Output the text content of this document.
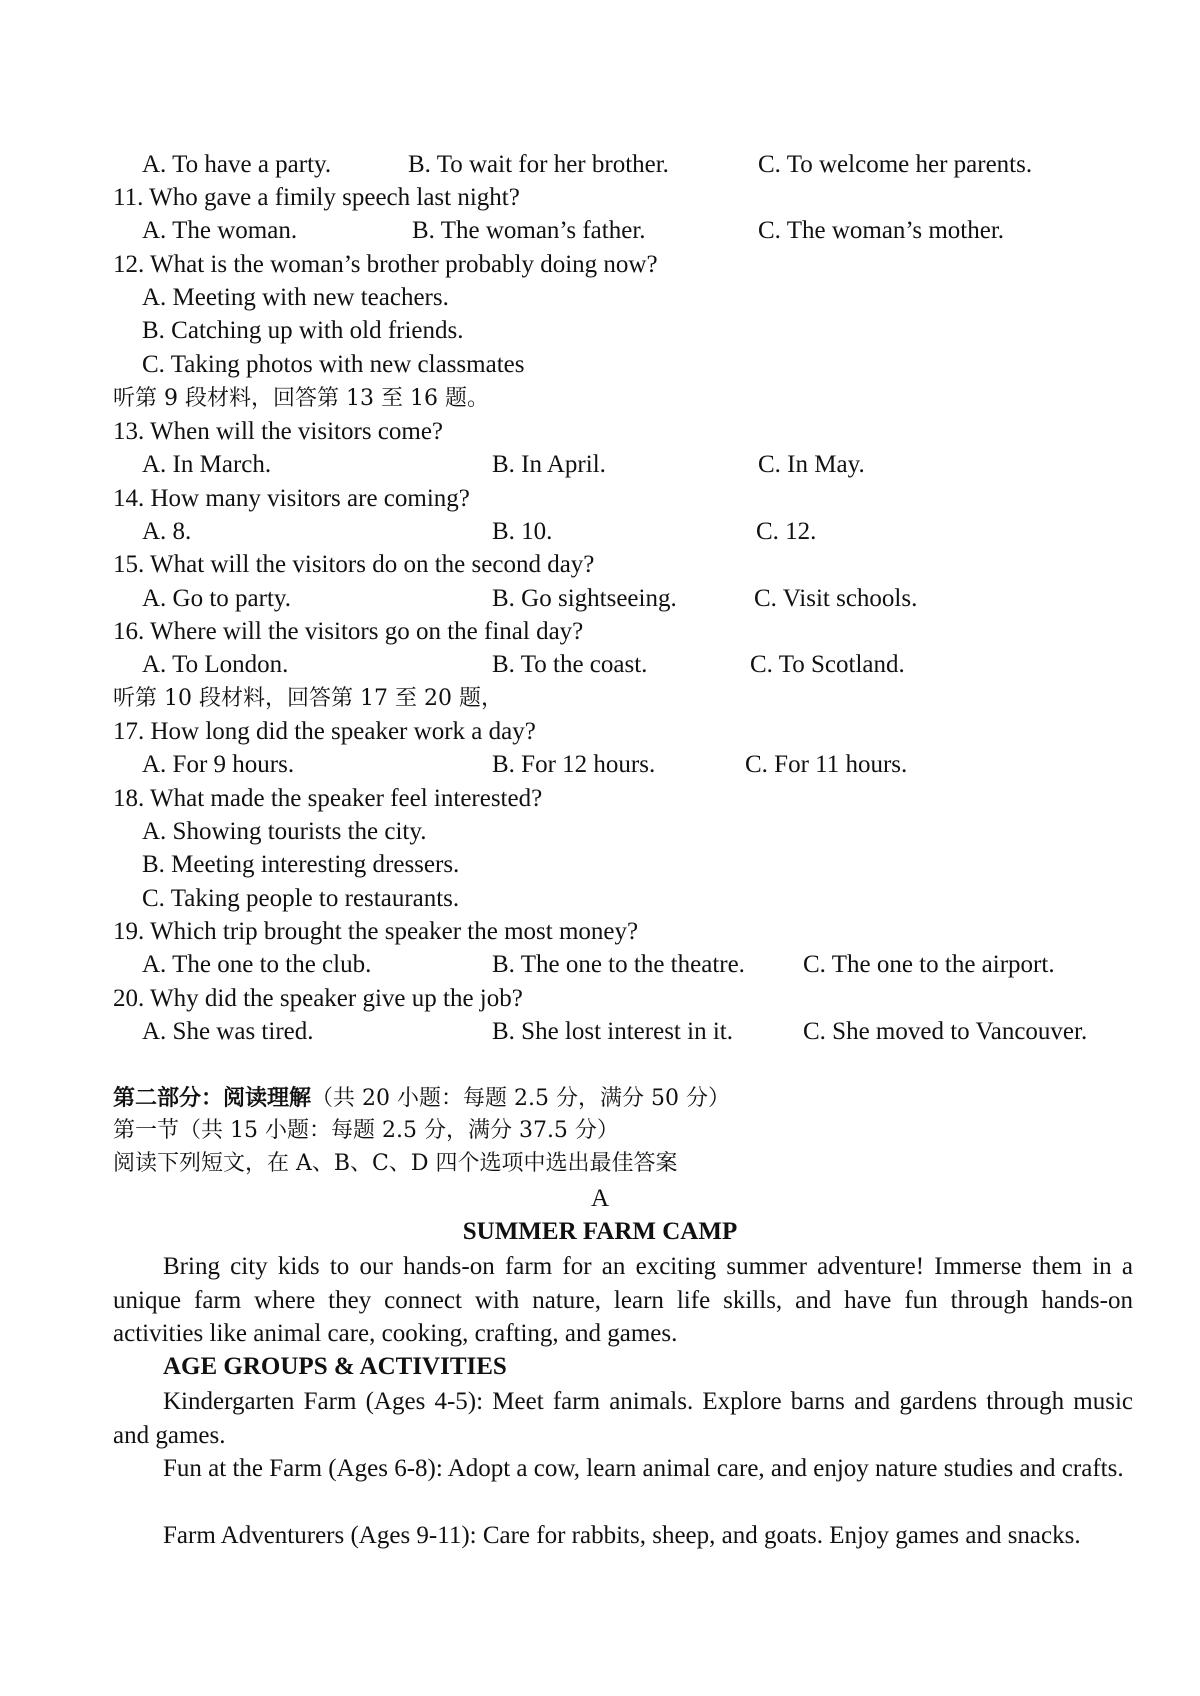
A. To have a party.	B. To wait for her brother.	C. To welcome her parents.
11. Who gave a fimily speech last night?
A. The woman.	B. The woman’s father.	C. The woman’s mother.
12. What is the woman’s brother probably doing now?
A. Meeting with new teachers.
B. Catching up with old friends.
C. Taking photos with new classmates
听第 9 段材料，回答第 13 至 16 题。
13. When will the visitors come?
A. In March.	B. In April.	C. In May.
14. How many visitors are coming?
A. 8.	B. 10.	C. 12.
15. What will the visitors do on the second day?
A. Go to party.	B. Go sightseeing.	C. Visit schools.
16. Where will the visitors go on the final day?
A. To London.	B. To the coast.	C. To Scotland.
听第 10 段材料，回答第 17 至 20 题，
17. How long did the speaker work a day?
A. For 9 hours.	B. For 12 hours.	C. For 11 hours.
18. What made the speaker feel interested?
A. Showing tourists the city.
B. Meeting interesting dressers.
C. Taking people to restaurants.
19. Which trip brought the speaker the most money?
A. The one to the club.	B. The one to the theatre. C. The one to the airport.
20. Why did the speaker give up the job?
A. She was tired.	B. She lost interest in it.	C. She moved to Vancouver.
第二部分：阅读理解（共 20 小题：每题 2.5 分，满分 50 分）
第一节（共 15 小题：每题 2.5 分，满分 37.5 分）
阅读下列短文，在 A、B、C、D 四个选项中选出最佳答案
A
SUMMER FARM CAMP

Bring city kids to our hands-on farm for an exciting summer adventure! Immerse them in a unique farm where they connect with nature, learn life skills, and have fun through hands-on activities like animal care, cooking, crafting, and games.

AGE GROUPS & ACTIVITIES

Kindergarten Farm (Ages 4-5): Meet farm animals. Explore barns and gardens through music and games.

Fun at the Farm (Ages 6-8): Adopt a cow, learn animal care, and enjoy nature studies and crafts.

Farm Adventurers (Ages 9-11): Care for rabbits, sheep, and goats. Enjoy games and snacks.
